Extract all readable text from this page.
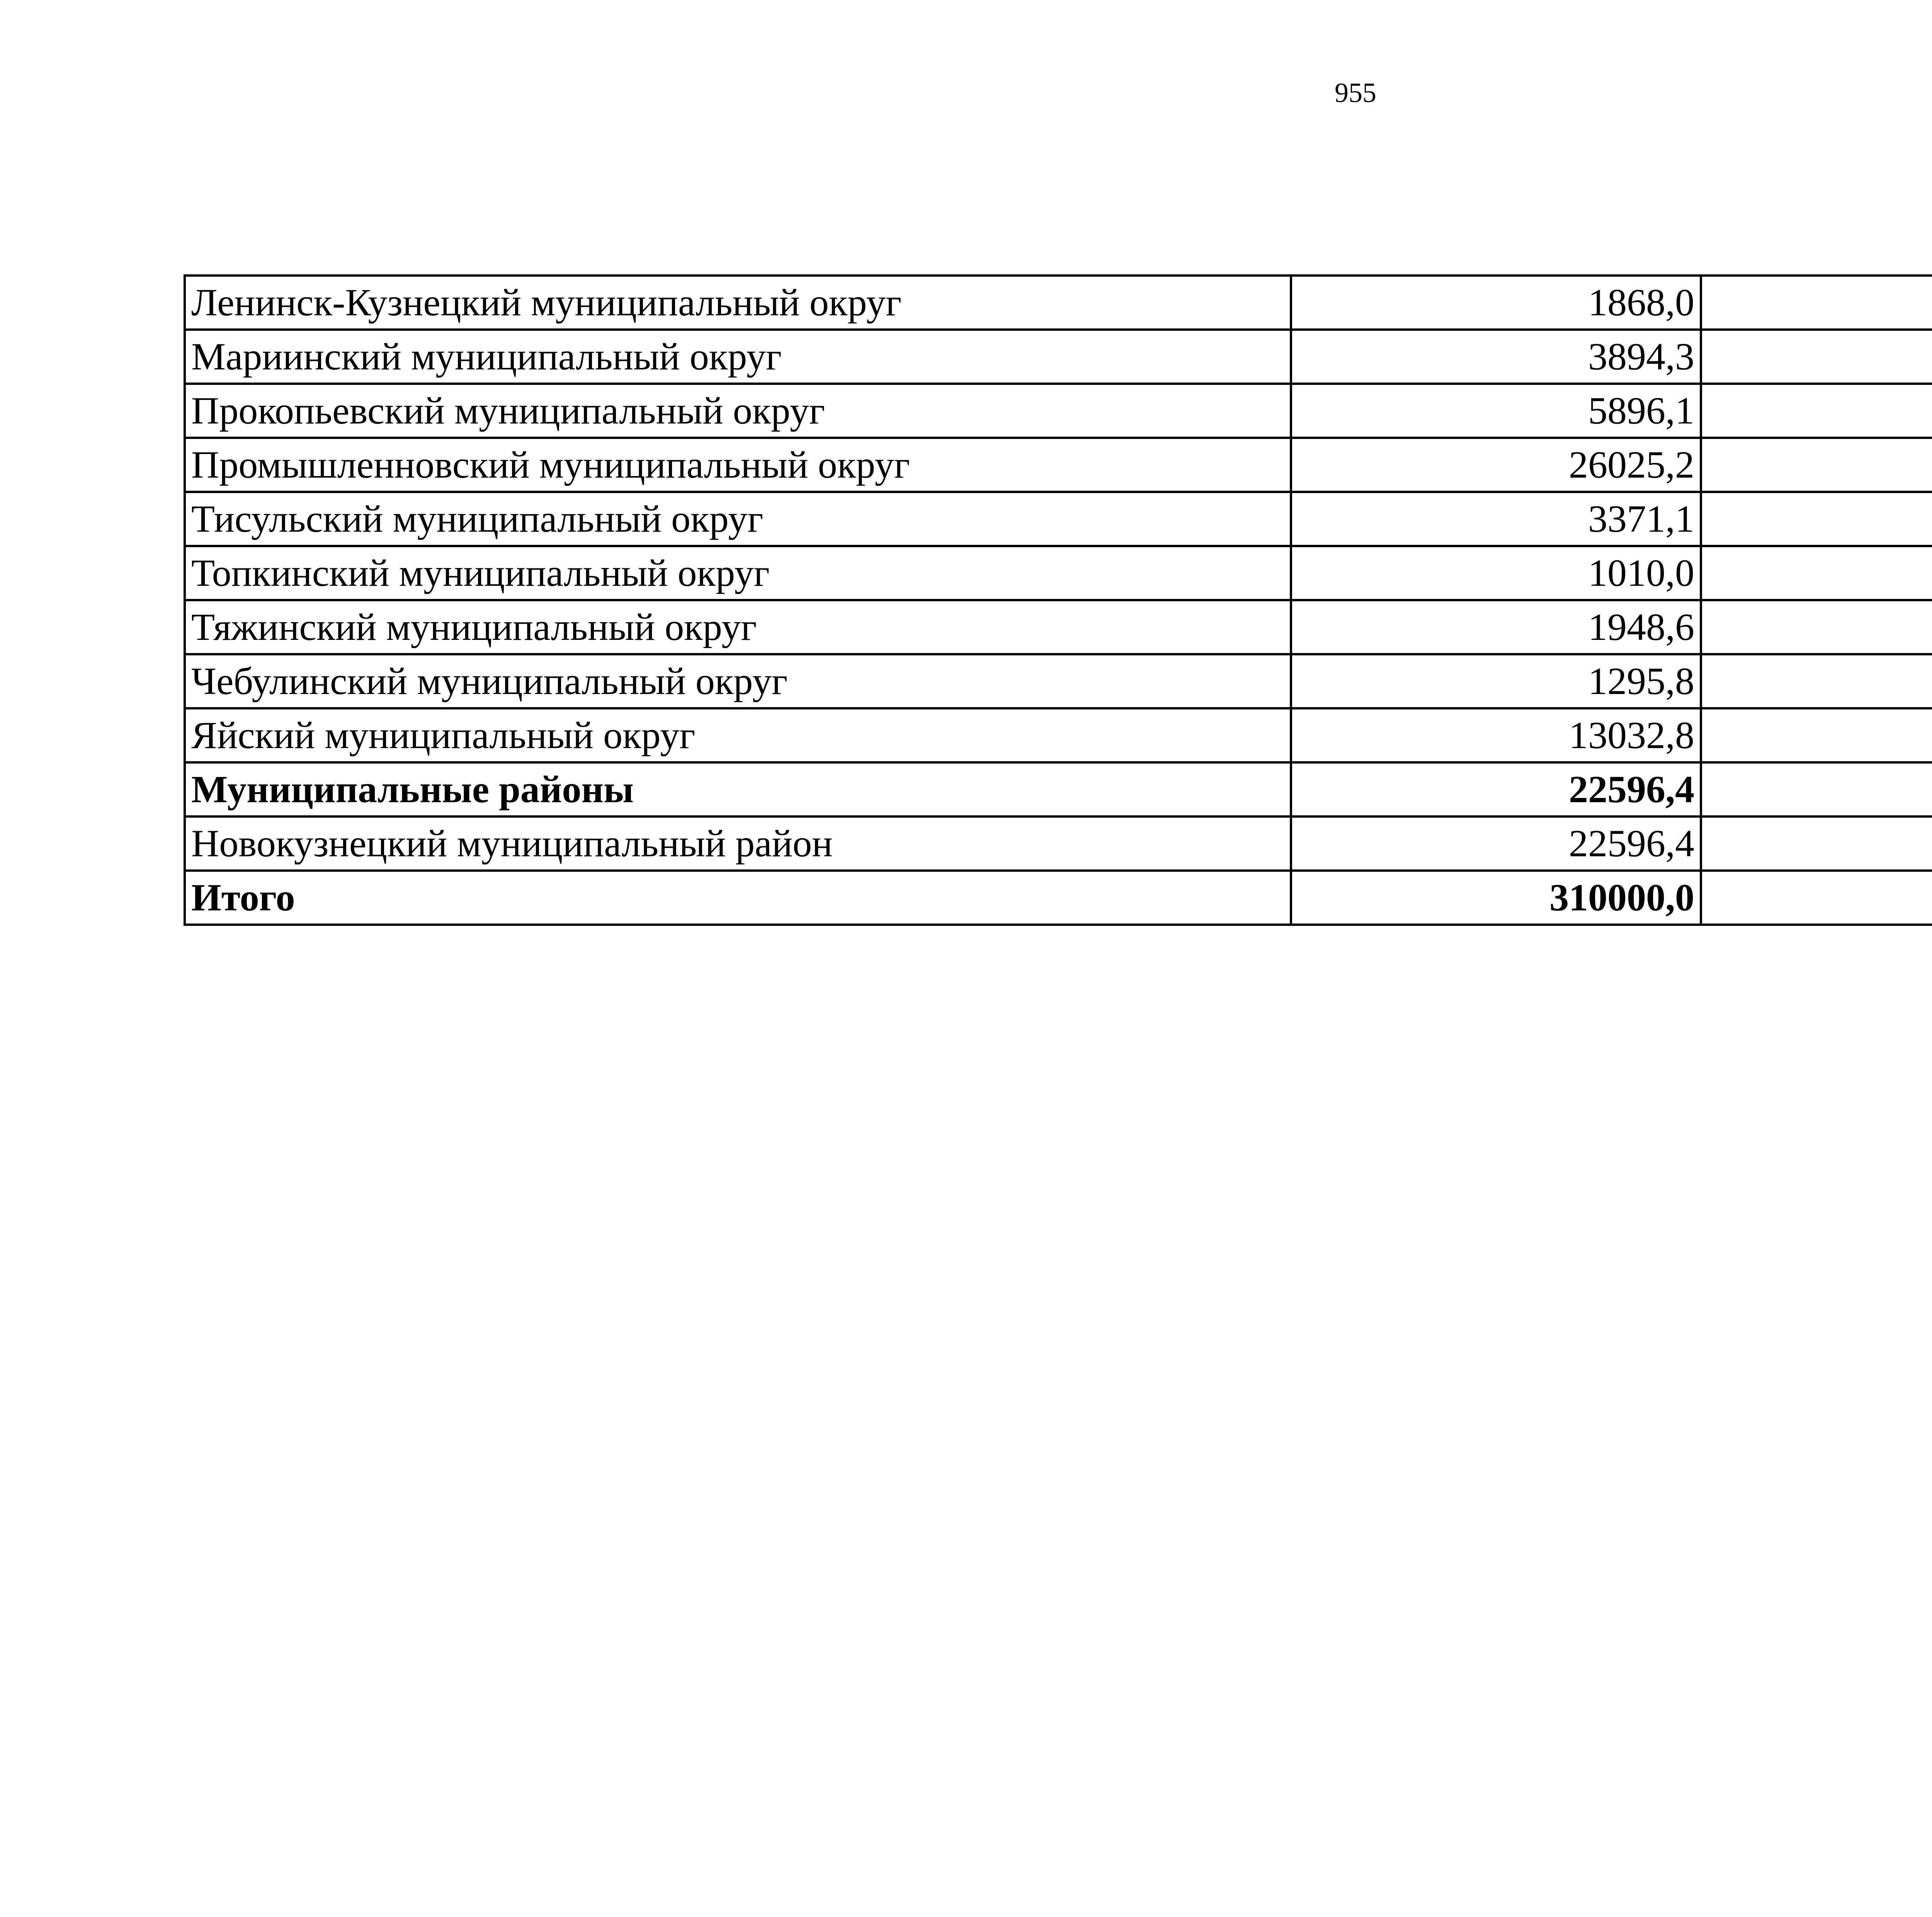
955
Ленинск-Кузнецкий муниципальный округ	1868,0		
Мариинский муниципальный округ	3894,3		
Прокопьевский муниципальный округ	5896,1		
Промышленновский муниципальный округ	26025,2		
Тисульский муниципальный округ	3371,1		
Топкинский муниципальный округ	1010,0		
Тяжинский муниципальный округ	1948,6		
Чебулинский муниципальный округ	1295,8		
Яйский муниципальный округ	13032,8		
Муниципальные районы	22596,4		
Новокузнецкий муниципальный район	22596,4		
Итого	310000,0		
